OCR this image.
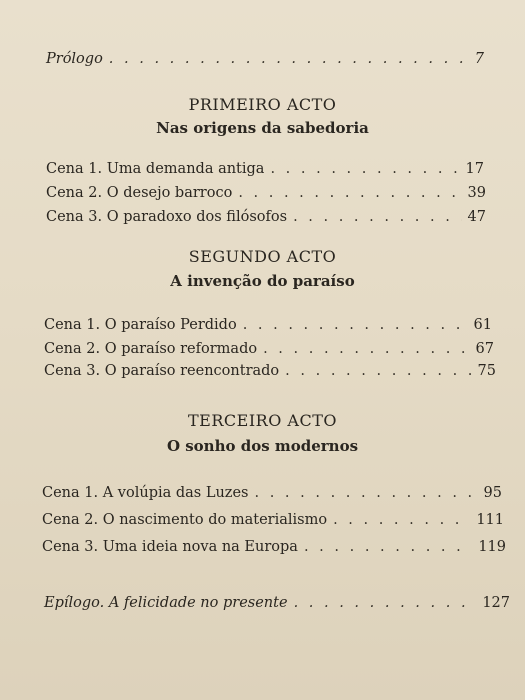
Prólogo . . .	7
PRIMEIRO ACTO
Nas origens da sabedoria
Cena 1. Uma demanda antiga . . .	17
Cena 2. O desejo barroco . . .	39
Cena 3. O paradoxo dos filósofos . . .	47
SEGUNDO ACTO
A invenção do paraíso
Cena 1. O paraíso Perdido . . .	61
Cena 2. O paraíso reformado . . .	67
Cena 3. O paraíso reencontrado . . .	75
TERCEIRO ACTO
O sonho dos modernos
Cena 1. A volúpia das Luzes . . .	95
Cena 2. O nascimento do materialismo . . .	111
Cena 3. Uma ideia nova na Europa . . .	119
Epílogo. A felicidade no presente . . .	127
